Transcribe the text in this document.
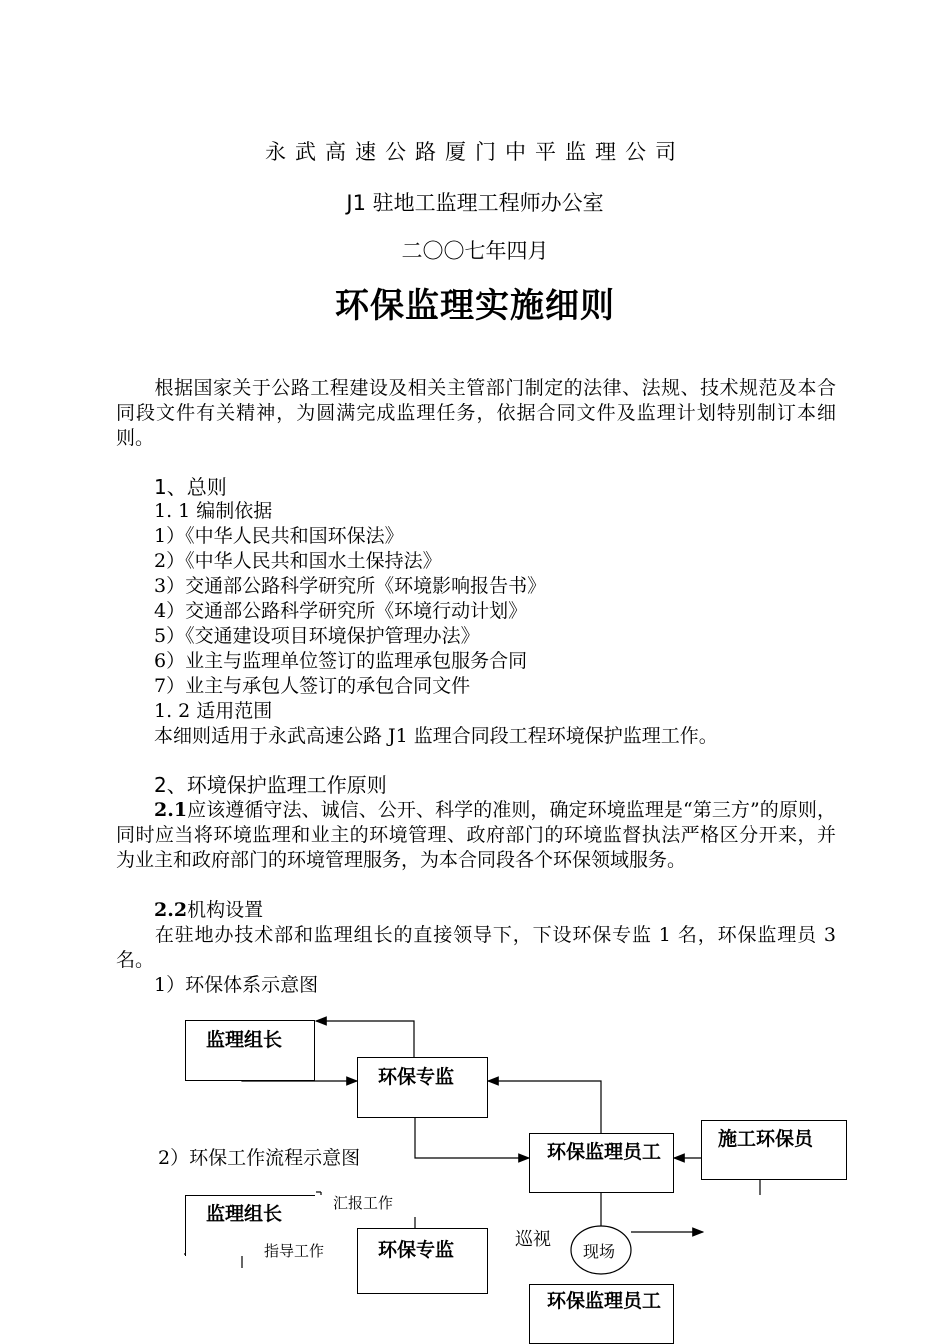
永武高速公路厦门中平监理公司
J1 驻地工监理工程师办公室
二〇〇七年四月
环保监理实施细则
根据国家关于公路工程建设及相关主管部门制定的法律、法规、技术规范及本合同段文件有关精神，为圆满完成监理任务，依据合同文件及监理计划特别制订本细则。
1、总则
1. 1 编制依据
1）《中华人民共和国环保法》
2）《中华人民共和国水土保持法》
3）交通部公路科学研究所《环境影响报告书》
4）交通部公路科学研究所《环境行动计划》
5）《交通建设项目环境保护管理办法》
6）业主与监理单位签订的监理承包服务合同
7）业主与承包人签订的承包合同文件
1. 2 适用范围
本细则适用于永武高速公路 J1 监理合同段工程环境保护监理工作。
2、环境保护监理工作原则
2.1应该遵循守法、诚信、公开、科学的准则，确定环境监理是“第三方”的原则，同时应当将环境监理和业主的环境管理、政府部门的环境监督执法严格区分开来，并为业主和政府部门的环境管理服务，为本合同段各个环保领域服务。
2.2机构设置
在驻地办技术部和监理组长的直接领导下，下设环保专监 1 名，环保监理员 3 名。
1）环保体系示意图
监理组长
环保专监
环保监理员工
施工环保员
2）环保工作流程示意图
监理组长
环保专监
环保监理员工
汇报工作
指导工作
巡视
现场
